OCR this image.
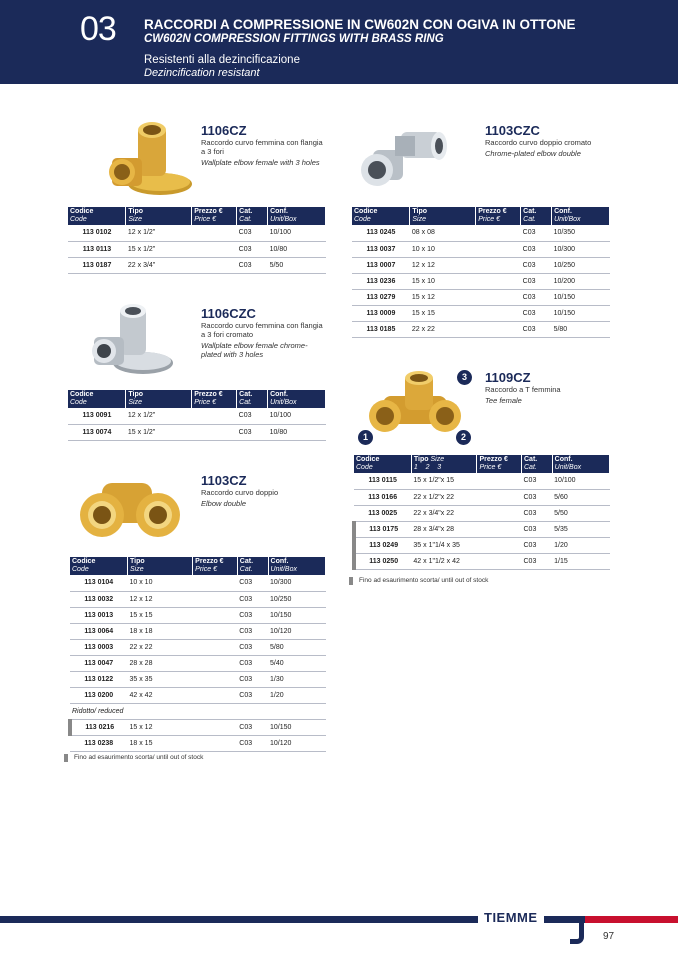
03 RACCORDI A COMPRESSIONE IN CW602N CON OGIVA IN OTTONE
CW602N COMPRESSION FITTINGS WITH BRASS RING
Resistenti alla dezincificazione
Dezincification resistant
3
1	2
1106CZ
Raccordo curvo femmina con flangia a 3 fori
Wallplate elbow female with 3 holes
Codice
Code	Tipo
Size	Prezzo €
Price €	Cat.
Cat.	Conf.
Unit/Box
113 0102	12 x 1/2"		C03	10/100
113 0113	15 x 1/2"		C03	10/80
113 0187	22 x 3/4"		C03	5/50
1106CZC
Raccordo curvo femmina con flangia a 3 fori cromato
Wallplate elbow female chrome-plated with 3 holes
Codice
Code	Tipo
Size	Prezzo €
Price €	Cat.
Cat.	Conf.
Unit/Box
113 0091	12 x 1/2"		C03	10/100
113 0074	15 x 1/2"		C03	10/80
1103CZ
Raccordo curvo doppio
Elbow double
Codice
Code	Tipo
Size	Prezzo €
Price €	Cat.
Cat.	Conf.
Unit/Box
113 0104	10 x 10		C03	10/300
113 0032	12 x 12		C03	10/250
113 0013	15 x 15		C03	10/150
113 0064	18 x 18		C03	10/120
113 0003	22 x 22		C03	5/80
113 0047	28 x 28		C03	5/40
113 0122	35 x 35		C03	1/30
113 0200	42 x 42		C03	1/20
Ridotto/ reduced				
113 0216	15 x 12		C03	10/150
113 0238	18 x 15		C03	10/120
Fino ad esaurimento scorta/ until out of stock
1103CZC
Raccordo curvo doppio cromato
Chrome-plated elbow double
Codice
Code	Tipo
Size	Prezzo €
Price €	Cat.
Cat.	Conf.
Unit/Box
113 0245	08 x 08		C03	10/350
113 0037	10 x 10		C03	10/300
113 0007	12 x 12		C03	10/250
113 0236	15 x 10		C03	10/200
113 0279	15 x 12		C03	10/150
113 0009	15 x 15		C03	10/150
113 0185	22 x 22		C03	5/80
1109CZ
Raccordo a T femmina
Tee female
Codice
Code	Tipo Size
1    2    3	Prezzo €
Price €	Cat.
Cat.	Conf.
Unit/Box
113 0115	15 x 1/2"x 15		C03	10/100
113 0166	22 x 1/2"x 22		C03	5/60
113 0025	22 x 3/4"x 22		C03	5/50
113 0175	28 x 3/4"x 28		C03	5/35
113 0249	35 x 1"1/4 x 35		C03	1/20
113 0250	42 x 1"1/2 x 42		C03	1/15
Fino ad esaurimento scorta/ until out of stock
TIEMME
97
